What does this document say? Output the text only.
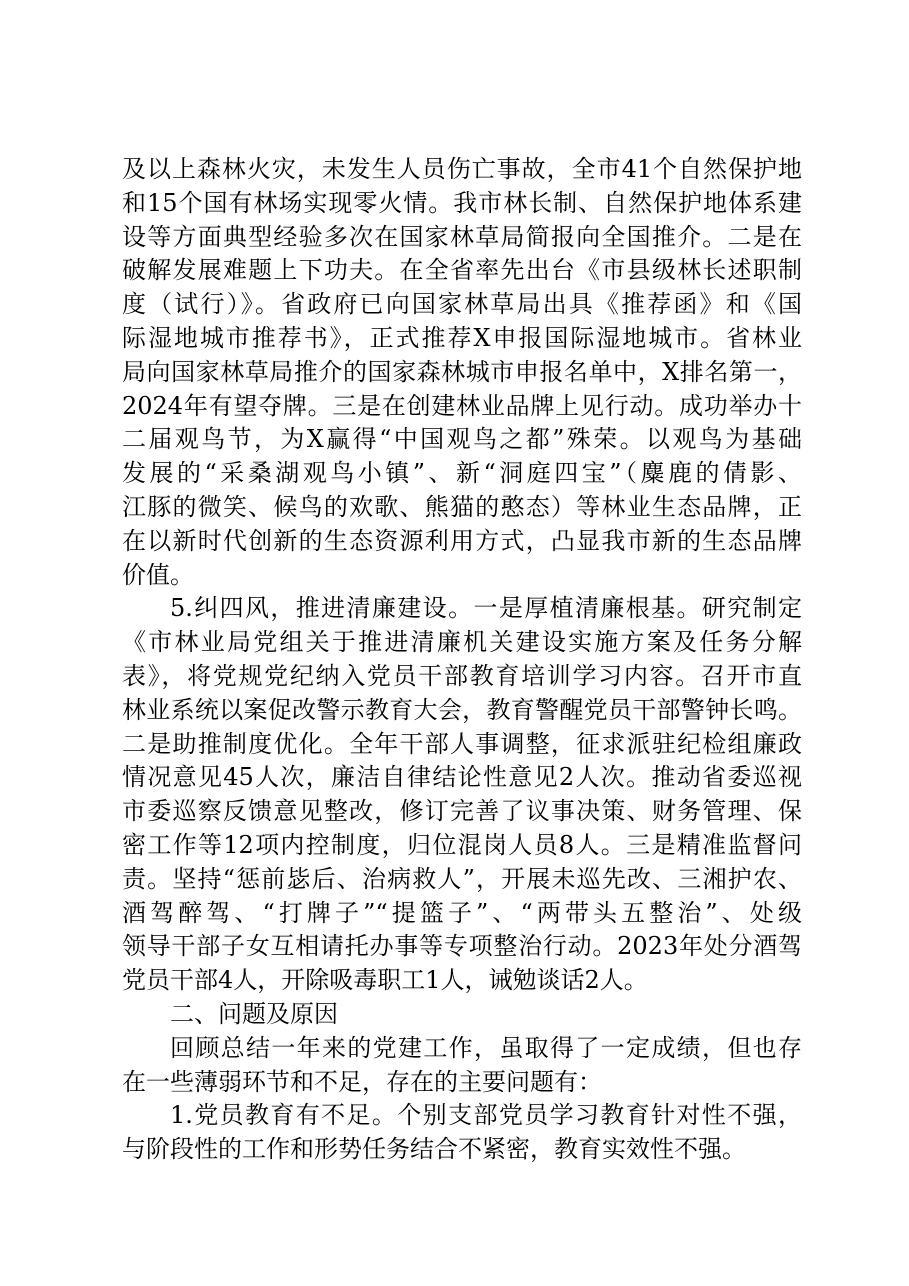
及以上森林火灾，未发生人员伤亡事故，全市41个自然保护地
和15个国有林场实现零火情。我市林长制、自然保护地体系建
设等方面典型经验多次在国家林草局简报向全国推介。二是在
破解发展难题上下功夫。在全省率先出台《市县级林长述职制
度（试行）》。省政府已向国家林草局出具《推荐函》和《国
际湿地城市推荐书》，正式推荐X申报国际湿地城市。省林业
局向国家林草局推介的国家森林城市申报名单中，X排名第一，
2024年有望夺牌。三是在创建林业品牌上见行动。成功举办十
二届观鸟节，为X赢得“中国观鸟之都”殊荣。以观鸟为基础
发展的“采桑湖观鸟小镇”、新“洞庭四宝”（麋鹿的倩影、
江豚的微笑、候鸟的欢歌、熊猫的憨态）等林业生态品牌，正
在以新时代创新的生态资源利用方式，凸显我市新的生态品牌
价值。
5.纠四风，推进清廉建设。一是厚植清廉根基。研究制定
《市林业局党组关于推进清廉机关建设实施方案及任务分解
表》，将党规党纪纳入党员干部教育培训学习内容。召开市直
林业系统以案促改警示教育大会，教育警醒党员干部警钟长鸣。
二是助推制度优化。全年干部人事调整，征求派驻纪检组廉政
情况意见45人次，廉洁自律结论性意见2人次。推动省委巡视
市委巡察反馈意见整改，修订完善了议事决策、财务管理、保
密工作等12项内控制度，归位混岗人员8人。三是精准监督问
责。坚持“惩前毖后、治病救人”，开展未巡先改、三湘护农、
酒驾醉驾、“打牌子”“提篮子”、“两带头五整治”、处级
领导干部子女互相请托办事等专项整治行动。2023年处分酒驾
党员干部4人，开除吸毒职工1人，诫勉谈话2人。
二、问题及原因
回顾总结一年来的党建工作，虽取得了一定成绩，但也存
在一些薄弱环节和不足，存在的主要问题有：
1.党员教育有不足。个别支部党员学习教育针对性不强，
与阶段性的工作和形势任务结合不紧密，教育实效性不强。
